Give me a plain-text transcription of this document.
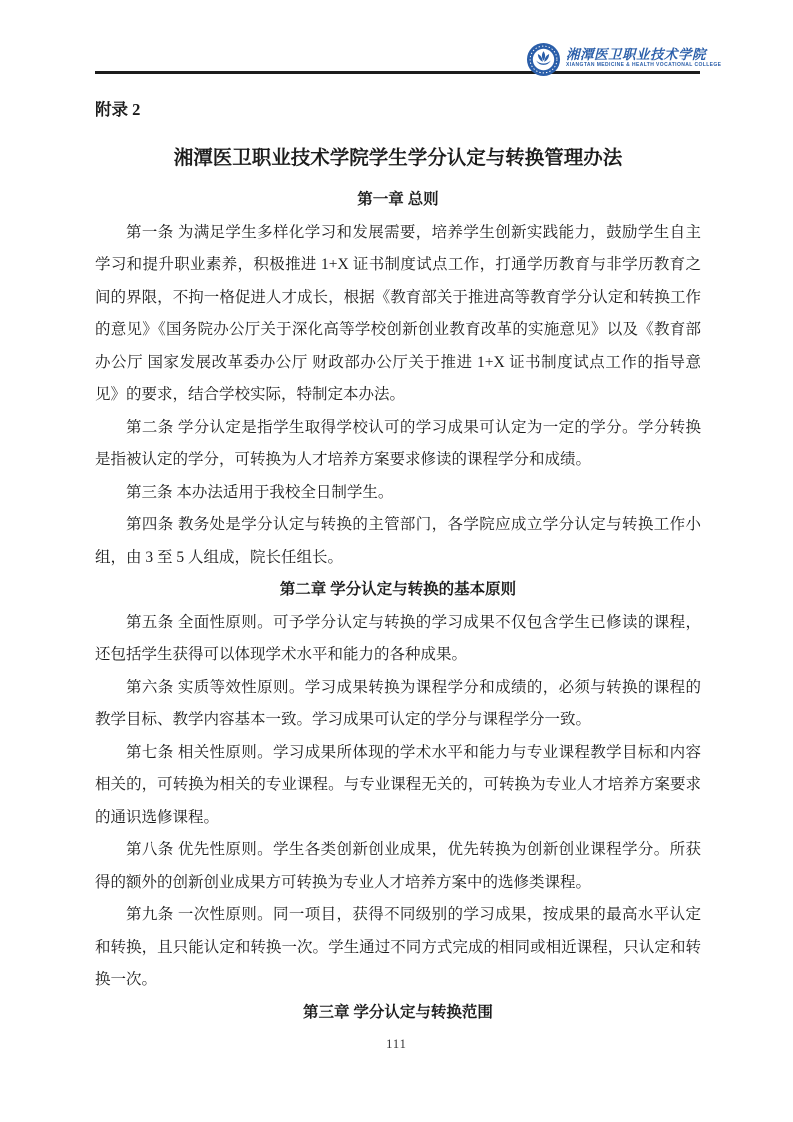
湘潭医卫职业技术学院
XIANGTAN MEDICINE & HEALTH VOCATIONAL COLLEGE

附录 2

湘潭医卫职业技术学院学生学分认定与转换管理办法

第一章 总则

第一条 为满足学生多样化学习和发展需要，培养学生创新实践能力，鼓励学生自主学习和提升职业素养，积极推进 1+X 证书制度试点工作，打通学历教育与非学历教育之间的界限，不拘一格促进人才成长，根据《教育部关于推进高等教育学分认定和转换工作的意见》《国务院办公厅关于深化高等学校创新创业教育改革的实施意见》以及《教育部办公厅 国家发展改革委办公厅 财政部办公厅关于推进 1+X 证书制度试点工作的指导意见》的要求，结合学校实际，特制定本办法。

第二条 学分认定是指学生取得学校认可的学习成果可认定为一定的学分。学分转换是指被认定的学分，可转换为人才培养方案要求修读的课程学分和成绩。

第三条 本办法适用于我校全日制学生。

第四条 教务处是学分认定与转换的主管部门，各学院应成立学分认定与转换工作小组，由 3 至 5 人组成，院长任组长。

第二章 学分认定与转换的基本原则

第五条 全面性原则。可予学分认定与转换的学习成果不仅包含学生已修读的课程，还包括学生获得可以体现学术水平和能力的各种成果。

第六条 实质等效性原则。学习成果转换为课程学分和成绩的，必须与转换的课程的教学目标、教学内容基本一致。学习成果可认定的学分与课程学分一致。

第七条 相关性原则。学习成果所体现的学术水平和能力与专业课程教学目标和内容相关的，可转换为相关的专业课程。与专业课程无关的，可转换为专业人才培养方案要求的通识选修课程。

第八条 优先性原则。学生各类创新创业成果，优先转换为创新创业课程学分。所获得的额外的创新创业成果方可转换为专业人才培养方案中的选修类课程。

第九条 一次性原则。同一项目，获得不同级别的学习成果，按成果的最高水平认定和转换，且只能认定和转换一次。学生通过不同方式完成的相同或相近课程，只认定和转换一次。

第三章 学分认定与转换范围

111
